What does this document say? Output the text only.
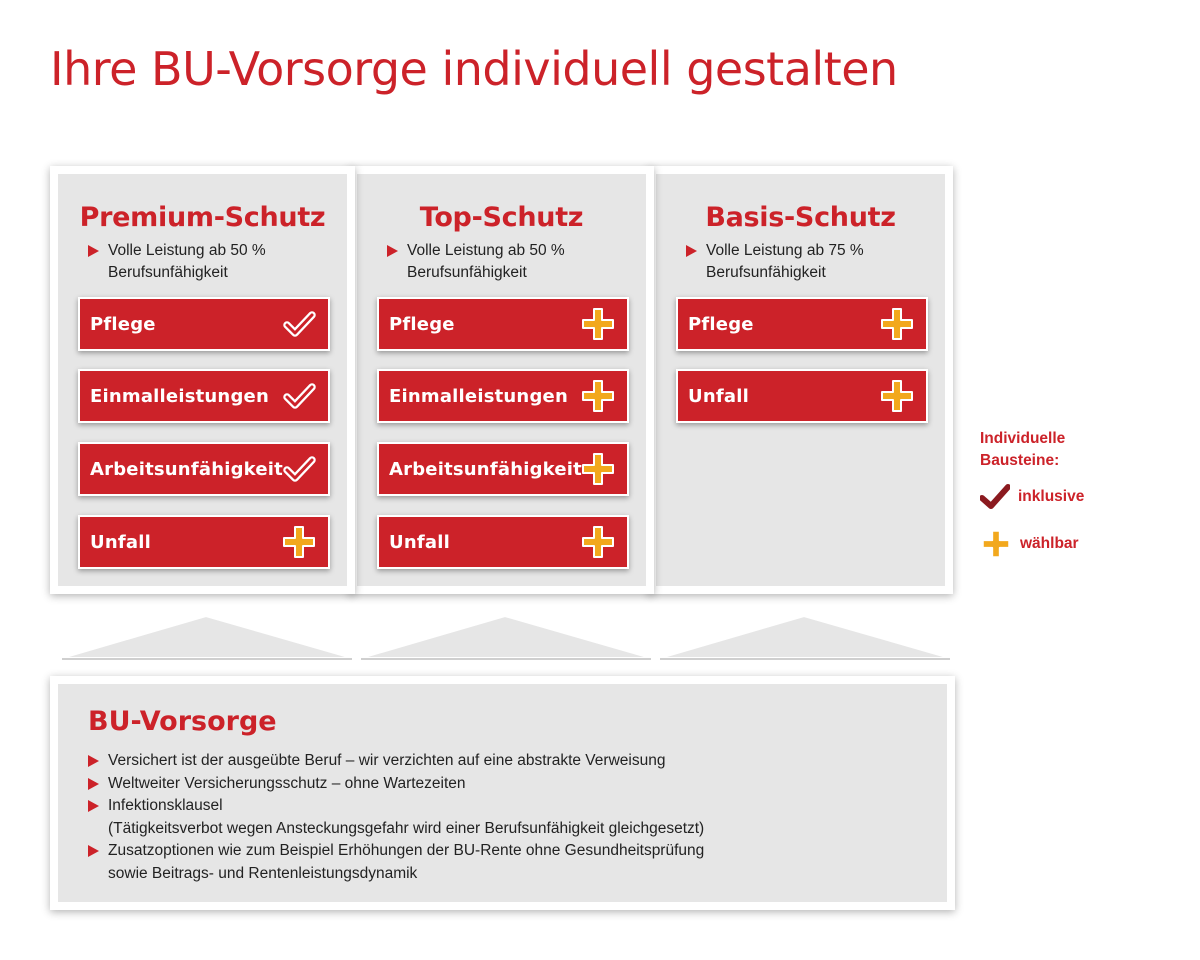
Ihre BU-Vorsorge individuell gestalten
Premium-Schutz
Volle Leistung ab 50 %
Berufsunfähigkeit
Pflege
Einmalleistungen
Arbeitsunfähigkeit
Unfall
Top-Schutz
Volle Leistung ab 50 %
Berufsunfähigkeit
Pflege
Einmalleistungen
Arbeitsunfähigkeit
Unfall
Basis-Schutz
Volle Leistung ab 75 %
Berufsunfähigkeit
Pflege
Unfall
BU-Vorsorge
Versichert ist der ausgeübte Beruf – wir verzichten auf eine abstrakte Verweisung
Weltweiter Versicherungsschutz – ohne Wartezeiten
Infektionsklausel
(Tätigkeitsverbot wegen Ansteckungsgefahr wird einer Berufsunfähigkeit gleichgesetzt)
Zusatzoptionen wie zum Beispiel Erhöhungen der BU-Rente ohne Gesundheitsprüfung
sowie Beitrags- und Rentenleistungsdynamik
Individuelle
Bausteine:
inklusive
wählbar
